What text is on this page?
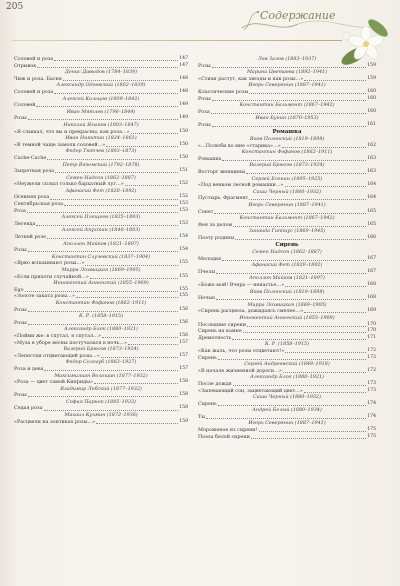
205
Содержание
Соловей и роза	147
Отрывок	147
Денис Давыдов (1784–1839)
Чиж и роза. Басня	148
Александр Одоевский (1802–1839)
Соловей и роза	148
Алексей Кольцов (1809–1842)
Соловей	149
Иван Мятлев (1796–1844)
Розы	149
Николай Языков (1803–1847)
«Я слышал, что вы и прекрасны, как роза…»	150
Иван Никитин (1824–1861)
«В темной чаще замолк соловей…»	150
Федор Тютчев (1803–1873)
Cache-Cache	150
Петр Вяземский (1792–1878)
Запретная роза	151
Семен Надсон (1862–1887)
«Неужели сплыл только бархатный луг…»	152
Афанасий Фет (1820–1892)
Осенняя роза	152
Сентябрьская роза	153
Роза	153
Алексей Плещеев (1825–1893)
Легенда	153
Алексей Апухтин (1840–1893)
Летней розе	154
Аполлон Майков (1821–1897)
Розы	154
Константин Случевский (1837–1904)
«Ярко вспыхивают розы…»	155
Мирра Лохвицкая (1869–1905)
«Если прихоти случайной…»	155
Иннокентий Анненский (1855–1909)
Ego	155
«Золоте заката розы…»	155
Константин Фофанов (1862–1911)
Розы	156
К. Р. (1858–1915)
Розы	156
Александр Блок (1880–1921)
«Пойми же: в спутал, я спутал…»	156
«Муза в уборе весны постучалася в ночь…»	157
Валерий Брюсов (1873–1924)
«Лепестки отцветающей розы…»	157
Федор Сологуб (1863–1927)
Роза и дева	157
Максимилиан Волошин (1877–1932)
«Роза — цвет самой Киприды»	158
Владимир Лебский (1877–1932)
Розы	158
София Парнок (1885–1933)
Седая роза	158
Михаил Кузмин (1872–1936)
«Расцвели на зонтиках розы…»	159
Лев Залов (1883–1937)
Розы	159
Марина Цветаева (1892–1941)
«Стихи растут, как звезды и как розы…»	159
Игорь Северянин (1887–1941)
Классические розы	160
Розы	160
Константин Бальмонт (1867–1942)
Роза	160
Иван Бунин (1870–1953)
Розы	161
Ромашка
Яков Полонский (1819–1898)
«…Полюби во мне «старика»…»	162
Константин Фофанов (1862–1911)
Ромашка	163
Валерий Брюсов (1873–1924)
Восторг женщины	163
Сергей Есенин (1895–1925)
«Под венком лесной ромашки…»	164
Саша Черный (1880–1932)
Пустырь. Фрагмент	164
Игорь Северянин (1887–1941)
Сонет	165
Константин Бальмонт (1867–1942)
Фея за делом	165
Зинаида Гиппиус (1869–1945)
Поэту родины	166
Сирень
Семен Надсон (1862–1887)
Мелодия	167
Афанасий Фет (1820–1892)
Пчелы	167
Аполлон Майков (1821–1897)
«Боже мой! Вчера — ненастье…»	168
Яков Полонский (1819–1898)
Ночью	168
Мирра Лохвицкая (1869–1905)
«Сирень расцвела, дожидаясь смелее…»	169
Иннокентий Анненский (1855–1909)
Последние сирени	170
Сирень на камне	170
Дремотность	171
К. Р. (1858–1915)
«Как жаль, что розы отцветают!»	172
Сирень	172
Сергей Андреевский (1848–1918)
«В начале жизненной дороги…»	172
Александр Блок (1880–1921)
После дождя	173
«Запевающий сон, зацветающий цвет…»	173
Саша Черный (1880–1932)
Сирень	174
Андрей Белый (1880–1934)
Ты	174
Игорь Северянин (1887–1941)
Мороженое из сирени!	175
Поэза белой сирени	175
